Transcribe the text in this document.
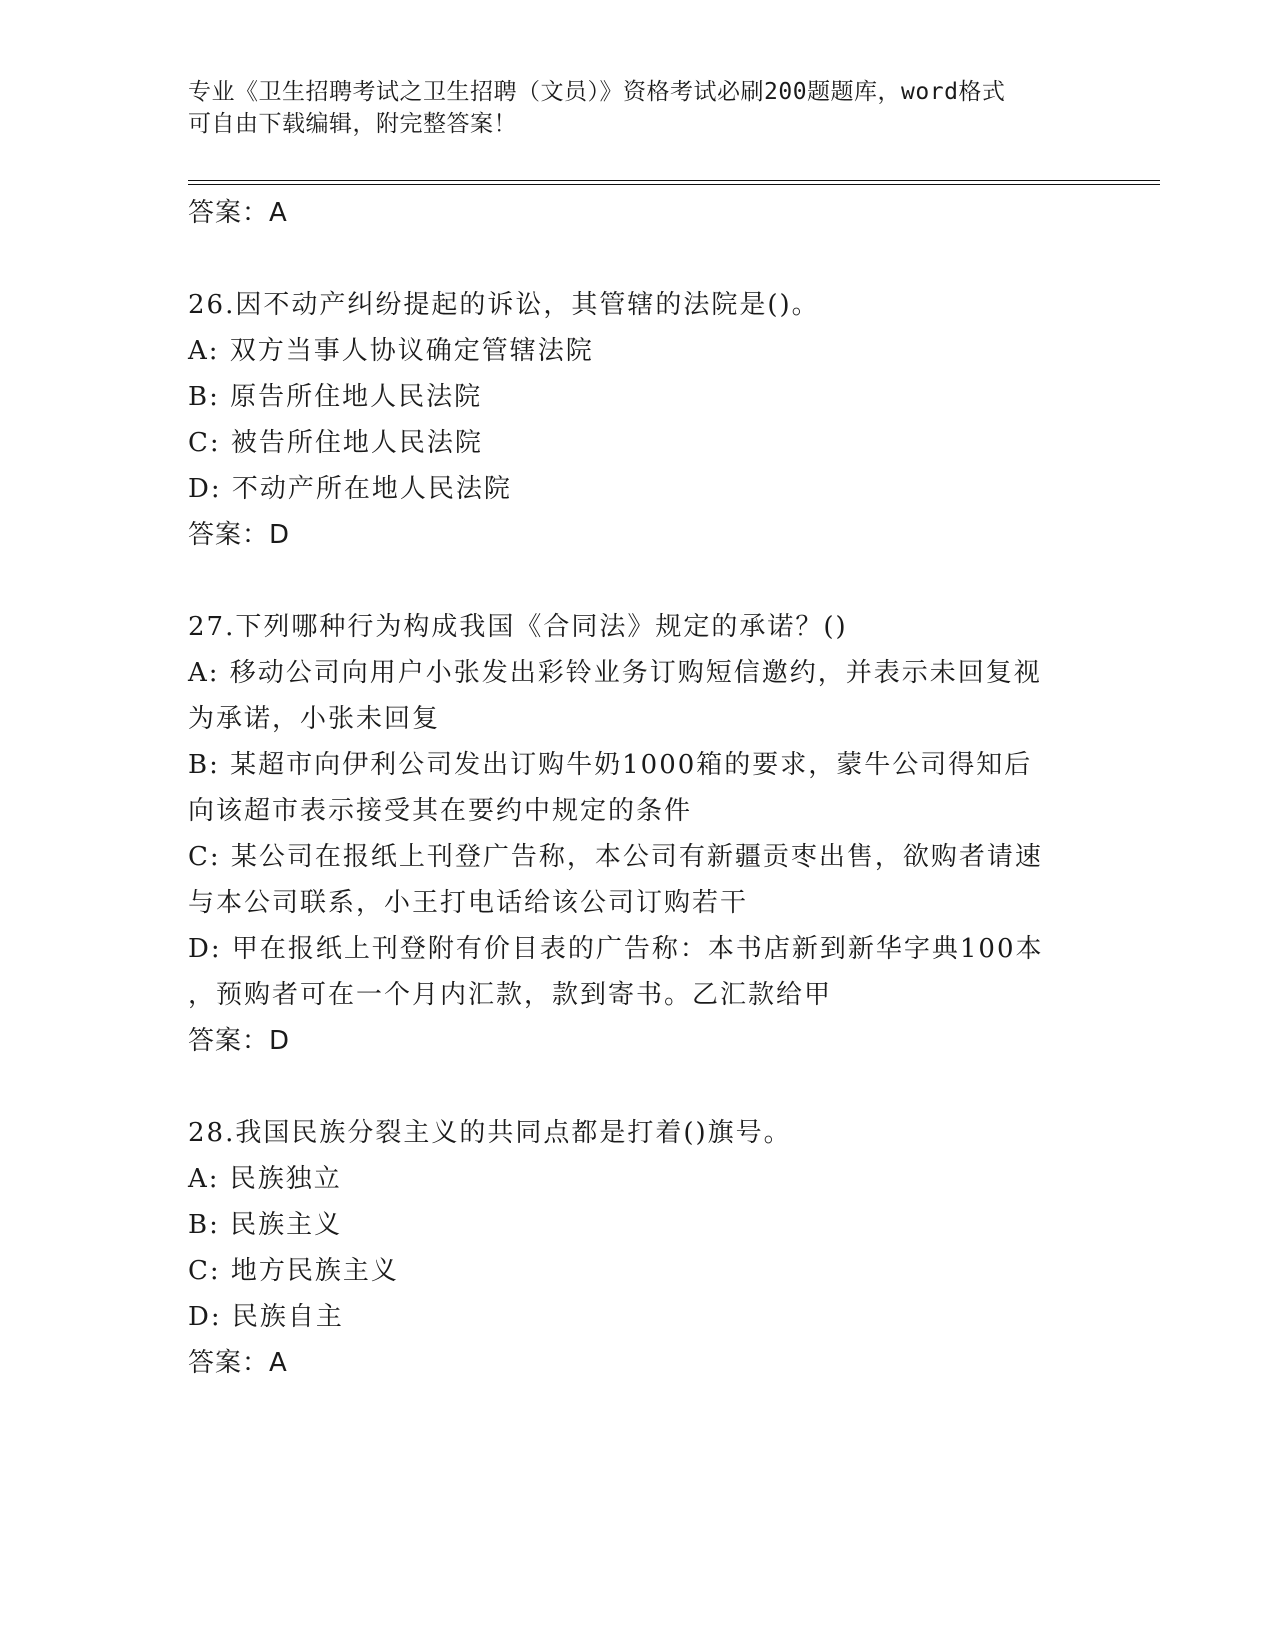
专业《卫生招聘考试之卫生招聘（文员）》资格考试必刷200题题库，word格式
可自由下载编辑，附完整答案！
答案：A
26.因不动产纠纷提起的诉讼，其管辖的法院是()。
A: 双方当事人协议确定管辖法院
B: 原告所住地人民法院
C: 被告所住地人民法院
D: 不动产所在地人民法院
答案：D
27.下列哪种行为构成我国《合同法》规定的承诺？()
A: 移动公司向用户小张发出彩铃业务订购短信邀约，并表示未回复视
为承诺，小张未回复
B: 某超市向伊利公司发出订购牛奶1000箱的要求，蒙牛公司得知后
向该超市表示接受其在要约中规定的条件
C: 某公司在报纸上刊登广告称，本公司有新疆贡枣出售，欲购者请速
与本公司联系，小王打电话给该公司订购若干
D: 甲在报纸上刊登附有价目表的广告称：本书店新到新华字典100本
，预购者可在一个月内汇款，款到寄书。乙汇款给甲
答案：D
28.我国民族分裂主义的共同点都是打着()旗号。
A: 民族独立
B: 民族主义
C: 地方民族主义
D: 民族自主
答案：A
